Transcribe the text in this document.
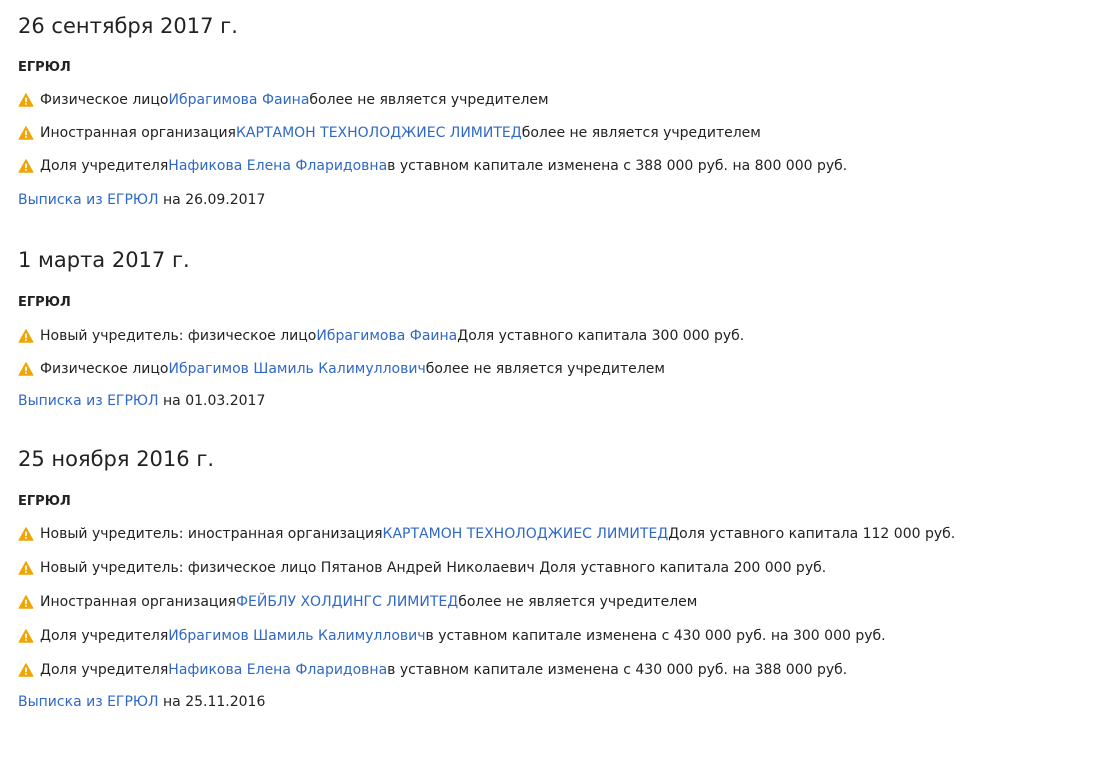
26 сентября 2017 г.
ЕГРЮЛ
Физическое лицо Ибрагимова Фаина более не является учредителем
Иностранная организация КАРТАМОН ТЕХНОЛОДЖИЕС ЛИМИТЕД более не является учредителем
Доля учредителя Нафикова Елена Фларидовна в уставном капитале изменена с 388 000 руб. на 800 000 руб.
Выписка из ЕГРЮЛ на 26.09.2017
1 марта 2017 г.
ЕГРЮЛ
Новый учредитель: физическое лицо Ибрагимова Фаина Доля уставного капитала 300 000 руб.
Физическое лицо Ибрагимов Шамиль Калимуллович более не является учредителем
Выписка из ЕГРЮЛ на 01.03.2017
25 ноября 2016 г.
ЕГРЮЛ
Новый учредитель: иностранная организация КАРТАМОН ТЕХНОЛОДЖИЕС ЛИМИТЕД Доля уставного капитала 112 000 руб.
Новый учредитель: физическое лицо Пятанов Андрей Николаевич Доля уставного капитала 200 000 руб.
Иностранная организация ФЕЙБЛУ ХОЛДИНГС ЛИМИТЕД более не является учредителем
Доля учредителя Ибрагимов Шамиль Калимуллович в уставном капитале изменена с 430 000 руб. на 300 000 руб.
Доля учредителя Нафикова Елена Фларидовна в уставном капитале изменена с 430 000 руб. на 388 000 руб.
Выписка из ЕГРЮЛ на 25.11.2016
